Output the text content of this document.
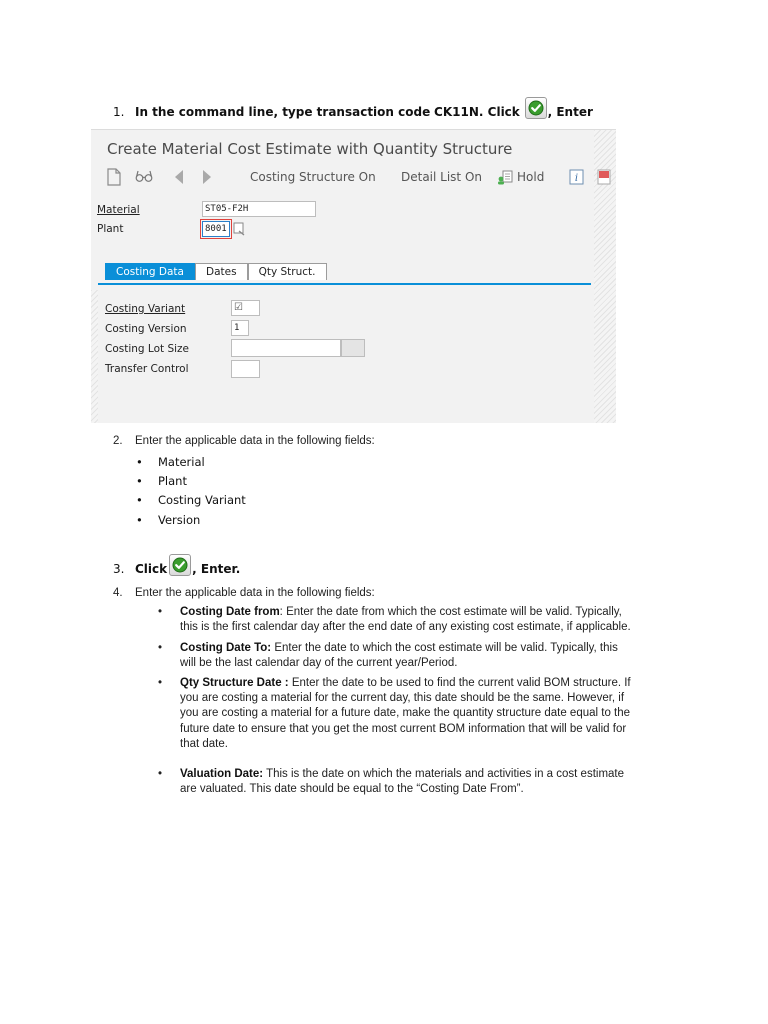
1. In the command line, type transaction code
CK11N . Click
, Enter
Create Material Cost Estimate with Quantity Structure
Costing Structure On Detail List On	Hold	i
Material	ST05-F2H
Plant	8001
Costing Data	Dates	Qty Struct.
Costing Variant	☑
Costing Version	1
Costing Lot Size
Transfer Control
2. Enter the applicable data in the following fields:
• Material
• Plant
• Costing Variant
• Version
3. Click , Enter.
4. Enter the applicable data in the following fields:
• Costing Date from: Enter the date from which the cost estimate will be valid. Typically,
this is the first calendar day after the end date of any existing cost estimate, if applicable.
• Costing Date To: Enter the date to which the cost estimate will be valid. Typically, this
will be the last calendar day of the current year/Period.
• Qty Structure Date : Enter the date to be used to find the current valid BOM structure. If
you are costing a material for the current day, this date should be the same. However, if
you are costing a material for a future date, make the quantity structure date equal to the
future date to ensure that you get the most current BOM information that will be valid for
that date.
• Valuation Date: This is the date on which the materials and activities in a cost estimate
are valuated. This date should be equal to the “Costing Date From”.
